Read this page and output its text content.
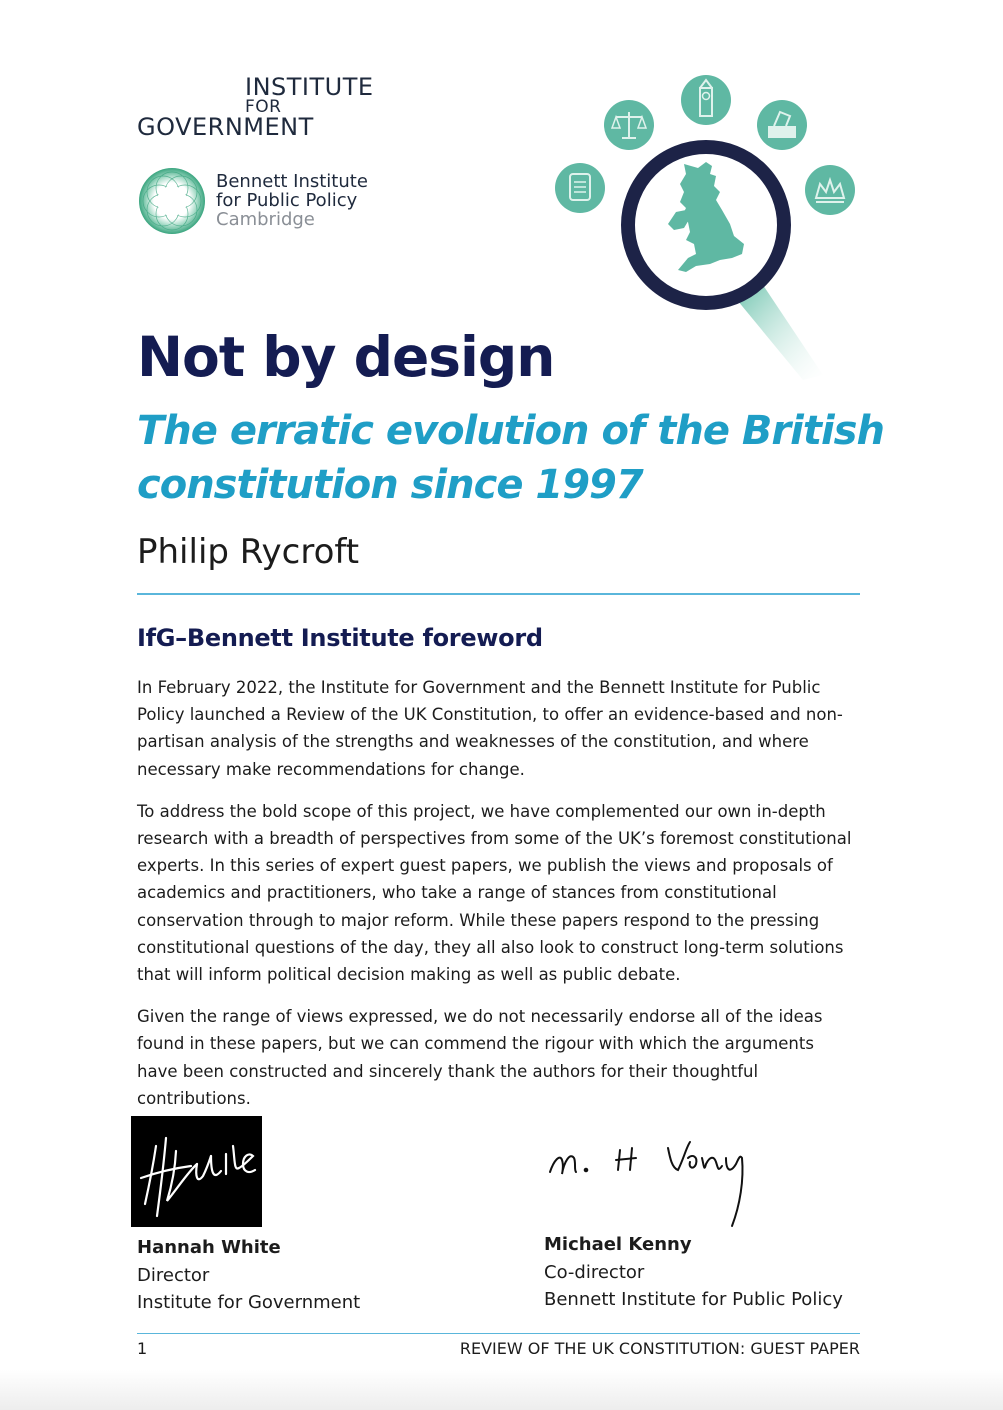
INSTITUTE
FOR
GOVERNMENT
Bennett Institute
for Public Policy
Cambridge
Not by design
The erratic evolution of the British constitution since 1997
Philip Rycroft
IfG–Bennett Institute foreword

In February 2022, the Institute for Government and the Bennett Institute for Public Policy launched a Review of the UK Constitution, to offer an evidence-based and non-partisan analysis of the strengths and weaknesses of the constitution, and where necessary make recommendations for change.

To address the bold scope of this project, we have complemented our own in-depth research with a breadth of perspectives from some of the UK’s foremost constitutional experts. In this series of expert guest papers, we publish the views and proposals of academics and practitioners, who take a range of stances from constitutional conservation through to major reform. While these papers respond to the pressing constitutional questions of the day, they all also look to construct long-term solutions that will inform political decision making as well as public debate.

Given the range of views expressed, we do not necessarily endorse all of the ideas found in these papers, but we can commend the rigour with which the arguments have been constructed and sincerely thank the authors for their thoughtful contributions.

Hannah White
Director
Institute for Government
Michael Kenny
Co-director
Bennett Institute for Public Policy
1	REVIEW OF THE UK CONSTITUTION: GUEST PAPER
